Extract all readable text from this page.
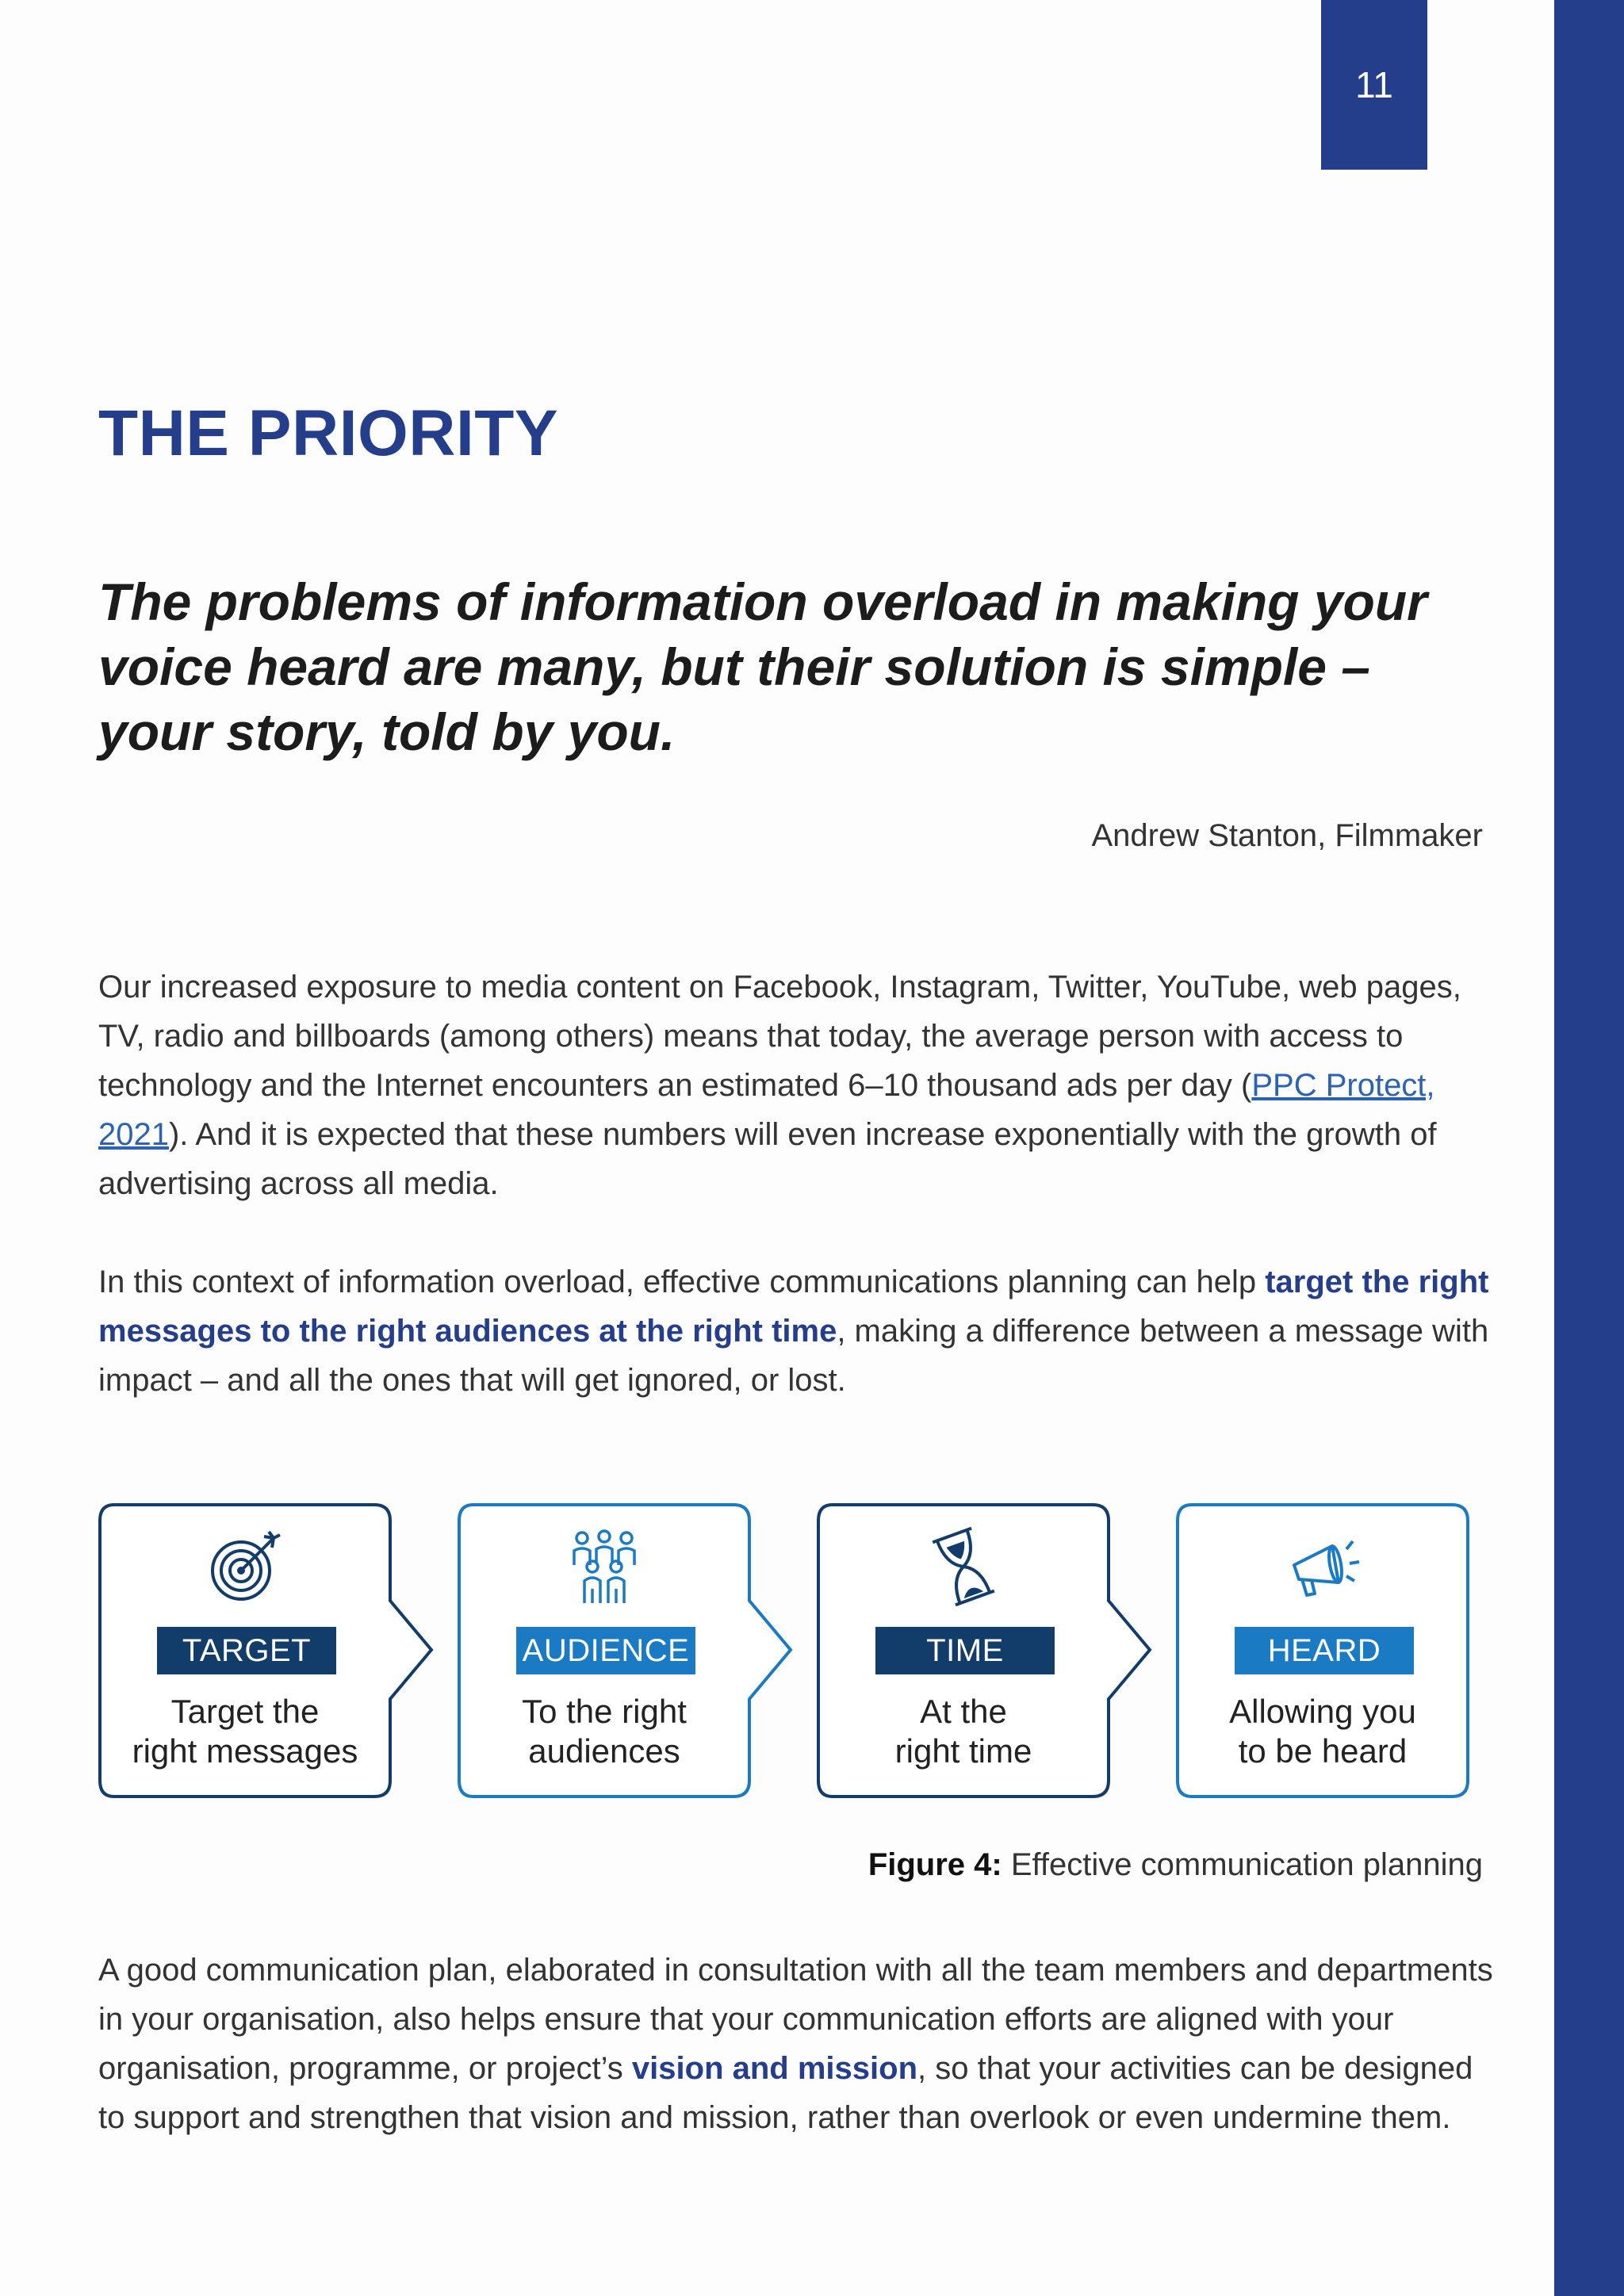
11
THE PRIORITY

The problems of information overload in making your voice heard are many, but their solution is simple – your story, told by you.

Andrew Stanton, Filmmaker

Our increased exposure to media content on Facebook, Instagram, Twitter, YouTube, web pages, TV, radio and billboards (among others) means that today, the average person with access to technology and the Internet encounters an estimated 6–10 thousand ads per day (PPC Protect, 2021). And it is expected that these numbers will even increase exponentially with the growth of advertising across all media.

In this context of information overload, effective communications planning can help target the right messages to the right audiences at the right time, making a difference between a message with impact – and all the ones that will get ignored, or lost.

TARGET
Target the
right messages
AUDIENCE
To the right
audiences
TIME
At the
right time
HEARD
Allowing you
to be heard
Figure 4: Effective communication planning

A good communication plan, elaborated in consultation with all the team members and departments in your organisation, also helps ensure that your communication efforts are aligned with your organisation, programme, or project’s vision and mission, so that your activities can be designed to support and strengthen that vision and mission, rather than overlook or even undermine them.
